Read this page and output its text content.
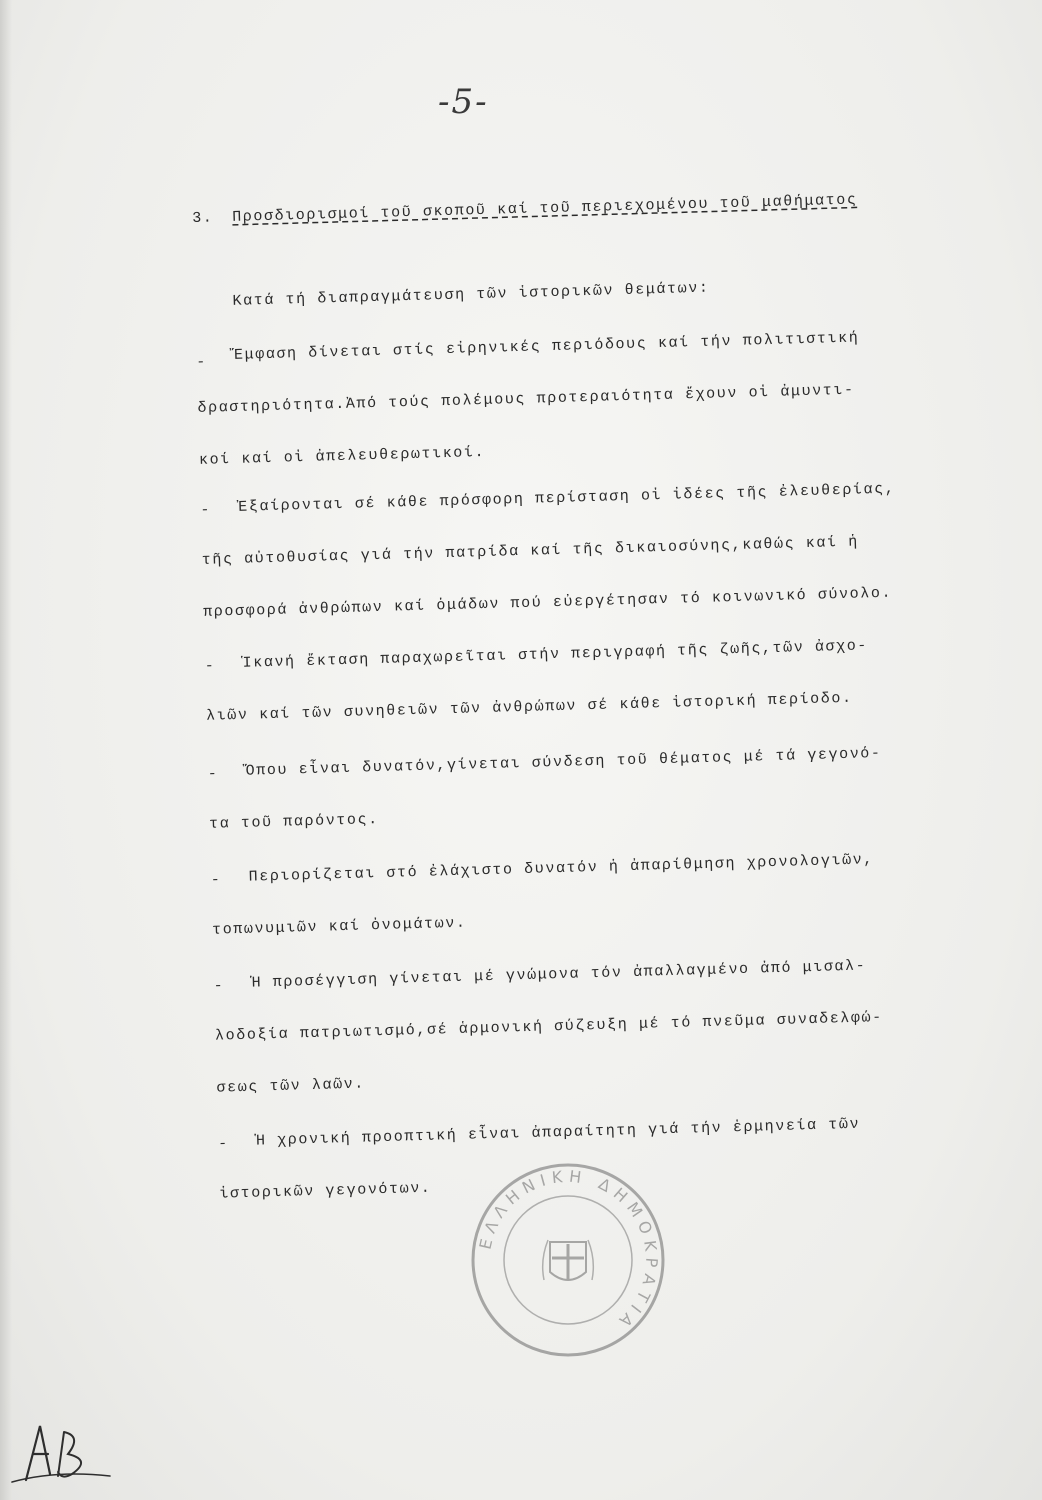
-5-
3. Προσδιορισμοί τοῦ σκοποῦ καί τοῦ περιεχομένου τοῦ μαθήματος
Κατά τή διαπραγμάτευση τῶν ἱστορικῶν θεμάτων:
-	Ἔμφαση δίνεται στίς εἰρηνικές περιόδους καί τήν πολιτιστική
δραστηριότητα.Ἀπό τούς πολέμους προτεραιότητα ἔχουν οἱ ἀμυντι-
κοί καί οἱ ἀπελευθερωτικοί.
-	Ἐξαίρονται σέ κάθε πρόσφορη περίσταση οἱ ἰδέες τῆς ἐλευθερίας,
τῆς αὐτοθυσίας γιά τήν πατρίδα καί τῆς δικαιοσύνης,καθώς καί ἡ
προσφορά ἀνθρώπων καί ὁμάδων πού εὐεργέτησαν τό κοινωνικό σύνολο.
-	Ἱκανή ἔκταση παραχωρεῖται στήν περιγραφή τῆς ζωῆς,τῶν ἀσχο-
λιῶν καί τῶν συνηθειῶν τῶν ἀνθρώπων σέ κάθε ἱστορική περίοδο.
-	Ὅπου εἶναι δυνατόν,γίνεται σύνδεση τοῦ θέματος μέ τά γεγονό-
τα τοῦ παρόντος.
-	Περιορίζεται στό ἐλάχιστο δυνατόν ἡ ἀπαρίθμηση χρονολογιῶν,
τοπωνυμιῶν καί ὀνομάτων.
-	Ἡ προσέγγιση γίνεται μέ γνώμονα τόν ἀπαλλαγμένο ἀπό μισαλ-
λοδοξία πατριωτισμό,σέ ἁρμονική σύζευξη μέ τό πνεῦμα συναδελφώ-
σεως τῶν λαῶν.
-	Ἡ χρονική προοπτική εἶναι ἀπαραίτητη γιά τήν ἑρμηνεία τῶν
ἱστορικῶν γεγονότων.
ΕΛΛΗΝΙΚΗ ΔΗΜΟΚΡΑΤΙΑ
